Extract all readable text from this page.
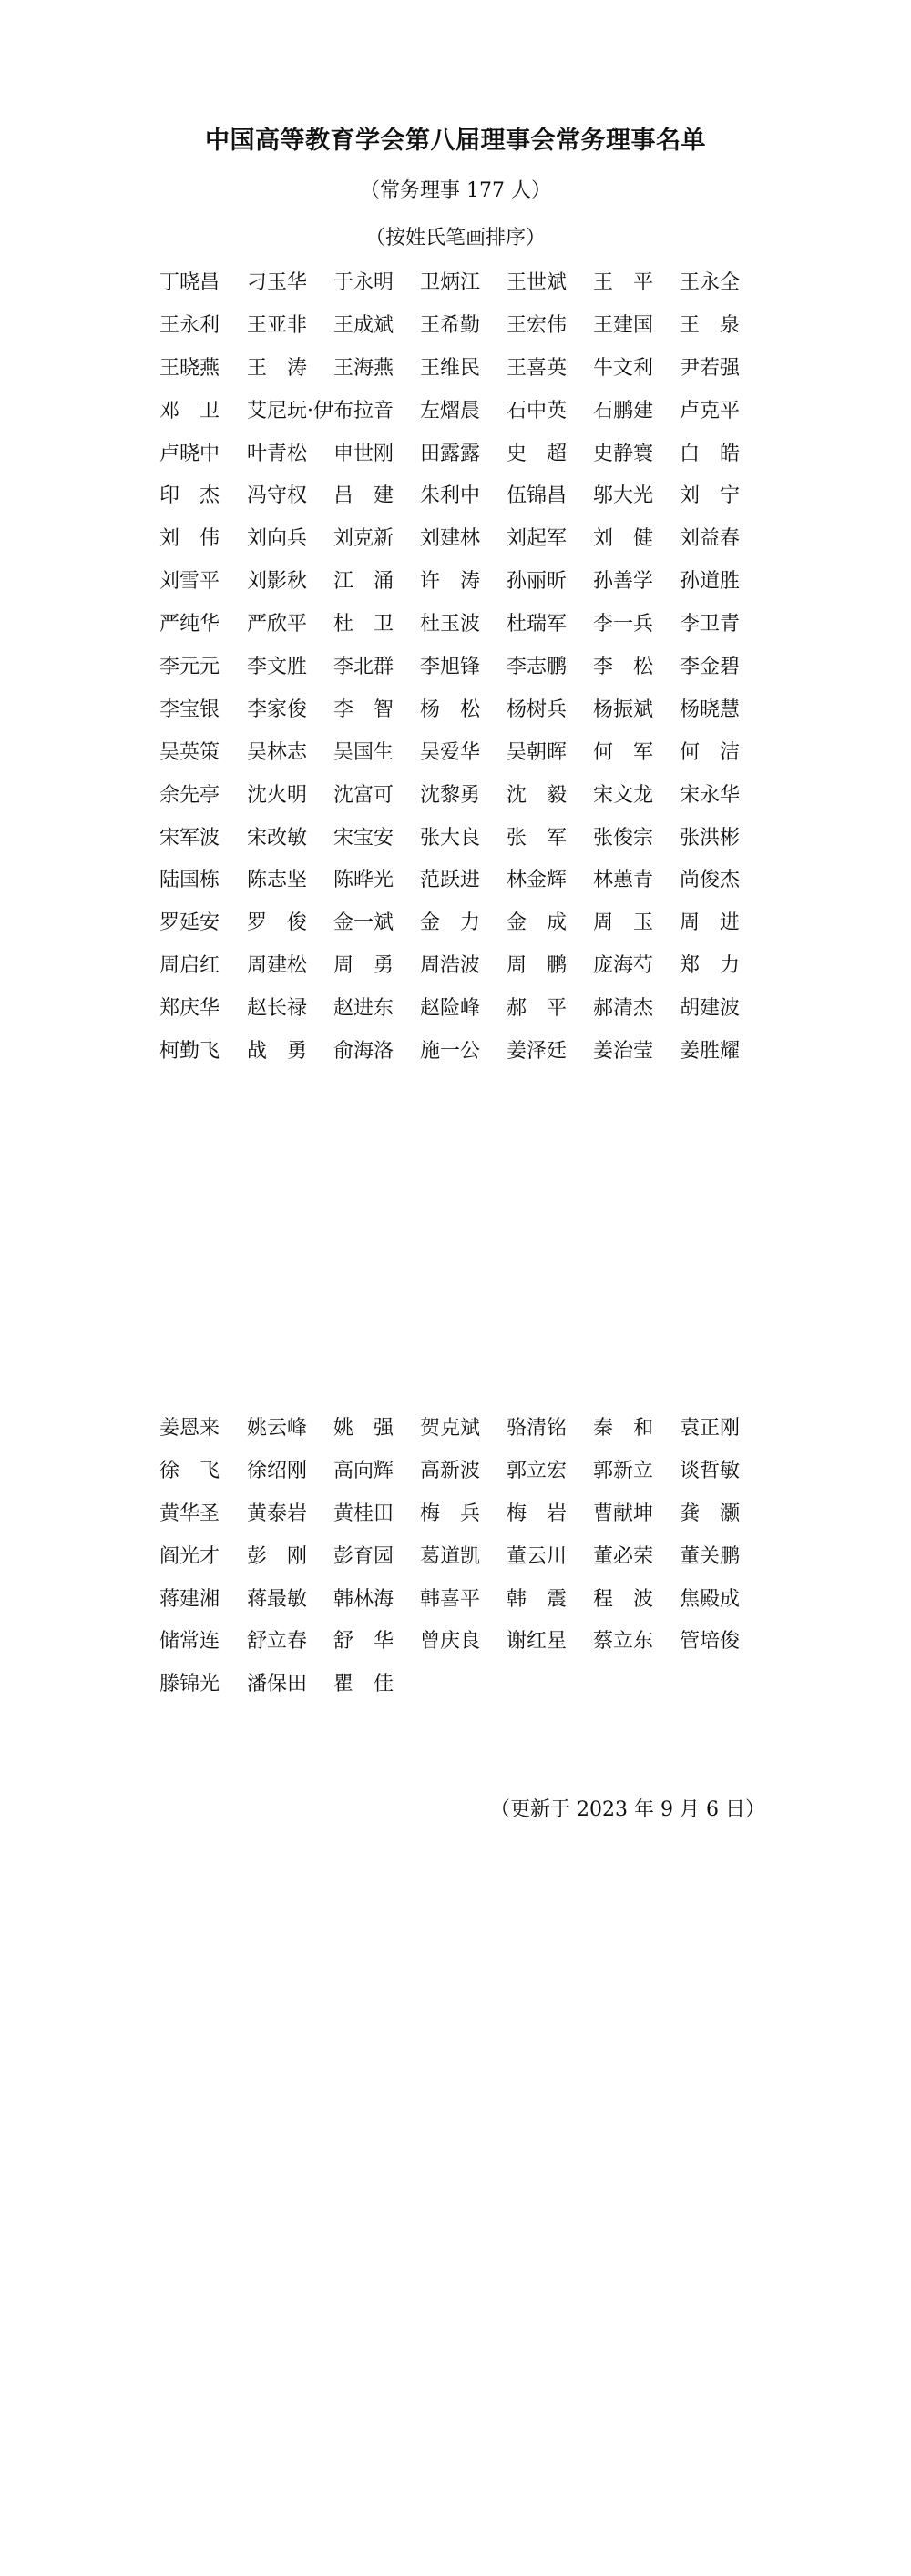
中国高等教育学会第八届理事会常务理事名单
（常务理事 177 人）
（按姓氏笔画排序）
丁晓昌	刁玉华	于永明	卫炳江	王世斌	王　平	王永全
王永利	王亚非	王成斌	王希勤	王宏伟	王建国	王　泉
王晓燕	王　涛	王海燕	王维民	王喜英	牛文利	尹若强
邓　卫	艾尼玩·伊布拉音 左熠晨	石中英	石鹏建	卢克平
卢晓中	叶青松	申世刚	田露露	史　超	史静寰	白　皓
印　杰	冯守权	吕　建	朱利中	伍锦昌	邬大光	刘　宁
刘　伟	刘向兵	刘克新	刘建林	刘起军	刘　健	刘益春
刘雪平	刘影秋	江　涌	许　涛	孙丽昕	孙善学	孙道胜
严纯华	严欣平	杜　卫	杜玉波	杜瑞军	李一兵	李卫青
李元元	李文胜	李北群	李旭锋	李志鹏	李　松	李金碧
李宝银	李家俊	李　智	杨　松	杨树兵	杨振斌	杨晓慧
吴英策	吴林志	吴国生	吴爱华	吴朝晖	何　军	何　洁
余先亭	沈火明	沈富可	沈黎勇	沈　毅	宋文龙	宋永华
宋军波	宋改敏	宋宝安	张大良	张　军	张俊宗	张洪彬
陆国栋	陈志坚	陈晔光	范跃进	林金辉	林蕙青	尚俊杰
罗延安	罗　俊	金一斌	金　力	金　成	周　玉	周　进
周启红	周建松	周　勇	周浩波	周　鹏	庞海芍	郑　力
郑庆华	赵长禄	赵进东	赵险峰	郝　平	郝清杰	胡建波
柯勤飞	战　勇	俞海洛	施一公	姜泽廷	姜治莹	姜胜耀
姜恩来	姚云峰	姚　强	贺克斌	骆清铭	秦　和	袁正刚
徐　飞	徐绍刚	高向辉	高新波	郭立宏	郭新立	谈哲敏
黄华圣	黄泰岩	黄桂田	梅　兵	梅　岩	曹献坤	龚　灏
阎光才	彭　刚	彭育园	葛道凯	董云川	董必荣	董关鹏
蒋建湘	蒋最敏	韩林海	韩喜平	韩　震	程　波	焦殿成
储常连	舒立春	舒　华	曾庆良	谢红星	蔡立东	管培俊
滕锦光	潘保田	瞿　佳
（更新于 2023 年 9 月 6 日）
